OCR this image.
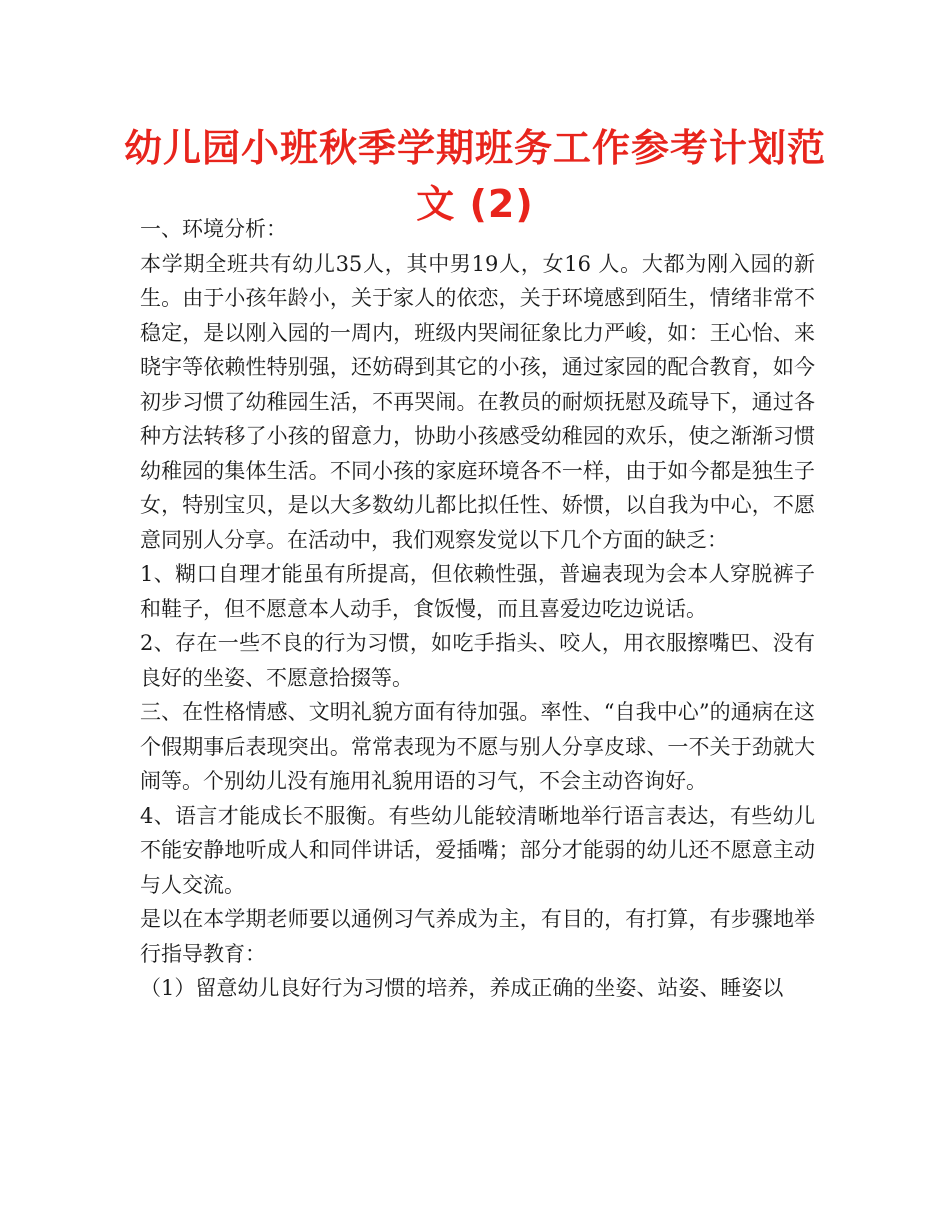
幼儿园小班秋季学期班务工作参考计划范文 (2)

一、环境分析：

本学期全班共有幼儿35人，其中男19人，女16 人。大都为刚入园的新生。由于小孩年龄小，关于家人的依恋，关于环境感到陌生，情绪非常不稳定，是以刚入园的一周内，班级内哭闹征象比力严峻，如：王心怡、来晓宇等依赖性特别强，还妨碍到其它的小孩，通过家园的配合教育，如今初步习惯了幼稚园生活，不再哭闹。在教员的耐烦抚慰及疏导下，通过各种方法转移了小孩的留意力，协助小孩感受幼稚园的欢乐，使之渐渐习惯幼稚园的集体生活。不同小孩的家庭环境各不一样，由于如今都是独生子女，特别宝贝，是以大多数幼儿都比拟任性、娇惯，以自我为中心，不愿意同别人分享。在活动中，我们观察发觉以下几个方面的缺乏：

1、糊口自理才能虽有所提高，但依赖性强，普遍表现为会本人穿脱裤子和鞋子，但不愿意本人动手，食饭慢，而且喜爱边吃边说话。

2、存在一些不良的行为习惯，如吃手指头、咬人，用衣服擦嘴巴、没有良好的坐姿、不愿意拾掇等。

三、在性格情感、文明礼貌方面有待加强。率性、“自我中心”的通病在这个假期事后表现突出。常常表现为不愿与别人分享皮球、一不关于劲就大闹等。个别幼儿没有施用礼貌用语的习气，不会主动咨询好。

4、语言才能成长不服衡。有些幼儿能较清晰地举行语言表达，有些幼儿不能安静地听成人和同伴讲话，爱插嘴；部分才能弱的幼儿还不愿意主动与人交流。

是以在本学期老师要以通例习气养成为主，有目的，有打算，有步骤地举行指导教育：

（1）留意幼儿良好行为习惯的培养，养成正确的坐姿、站姿、睡姿以
